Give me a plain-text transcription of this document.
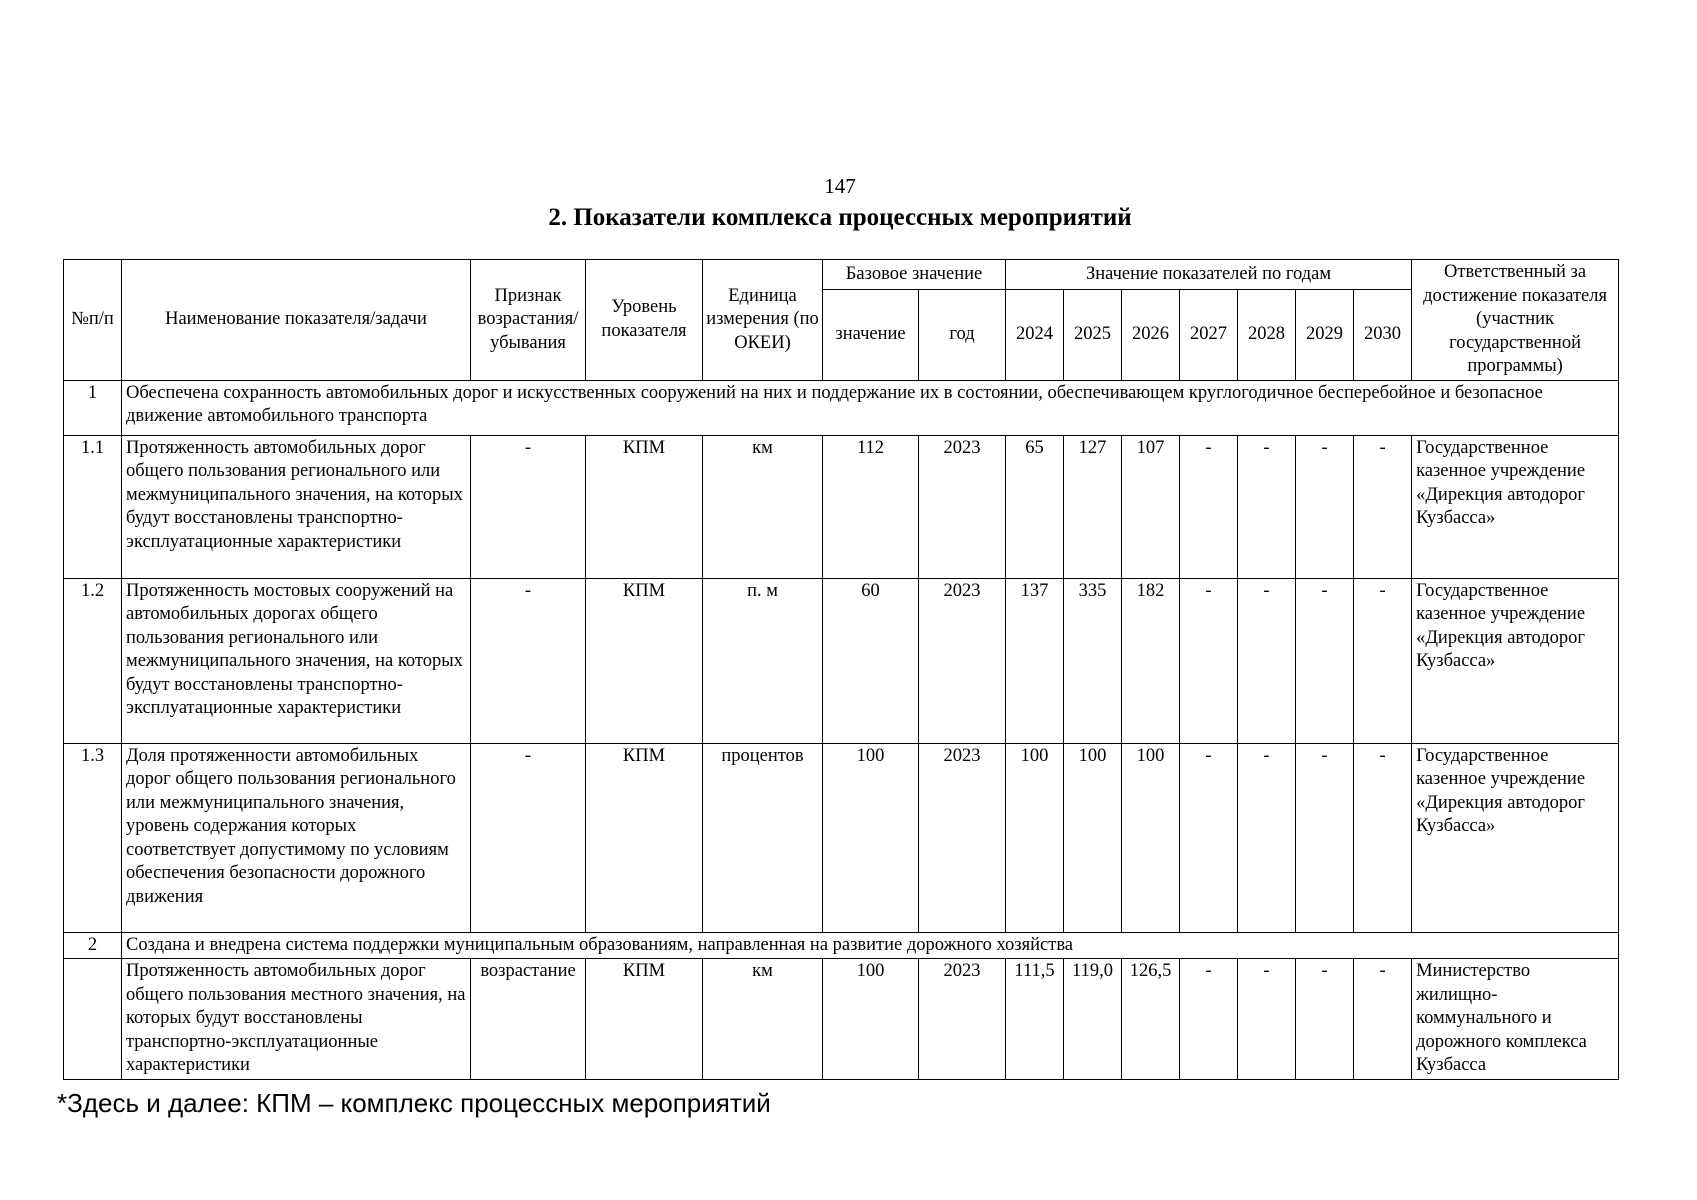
147
2. Показатели комплекса процессных мероприятий
№п/п	Наименование показателя/задачи	Признак возрастания/ убывания	Уровень показателя	Единица измерения (по ОКЕИ)	Базовое значение		Значение показателей по годам							Ответственный за достижение показателя (участник государственной программы)
					значение	год	2024	2025	2026	2027	2028	2029	2030	
1	Обеспечена сохранность автомобильных дорог и искусственных сооружений на них и поддержание их в состоянии, обеспечивающем круглогодичное бесперебойное и безопасное движение автомобильного транспорта													
1.1	Протяженность автомобильных дорог общего пользования регионального или межмуниципального значения, на которых будут восстановлены транспортно-эксплуатационные характеристики	-	КПМ	км	112	2023	65	127	107	-	-	-	-	Государственное казенное учреждение «Дирекция автодорог Кузбасса»
1.2	Протяженность мостовых сооружений на автомобильных дорогах общего пользования регионального или межмуниципального значения, на которых будут восстановлены транспортно-эксплуатационные характеристики	-	КПМ	п. м	60	2023	137	335	182	-	-	-	-	Государственное казенное учреждение «Дирекция автодорог Кузбасса»
1.3	Доля протяженности автомобильных дорог общего пользования регионального или межмуниципального значения, уровень содержания которых соответствует допустимому по условиям обеспечения безопасности дорожного движения	-	КПМ	процентов	100	2023	100	100	100	-	-	-	-	Государственное казенное учреждение «Дирекция автодорог Кузбасса»
2	Создана и внедрена система поддержки муниципальным образованиям, направленная на развитие дорожного хозяйства													
	Протяженность автомобильных дорог общего пользования местного значения, на которых будут восстановлены транспортно-эксплуатационные характеристики	возрастание	КПМ	км	100	2023	111,5	119,0	126,5	-	-	-	-	Министерство жилищно-коммунального и дорожного комплекса Кузбасса
*Здесь и далее: КПМ – комплекс процессных мероприятий
